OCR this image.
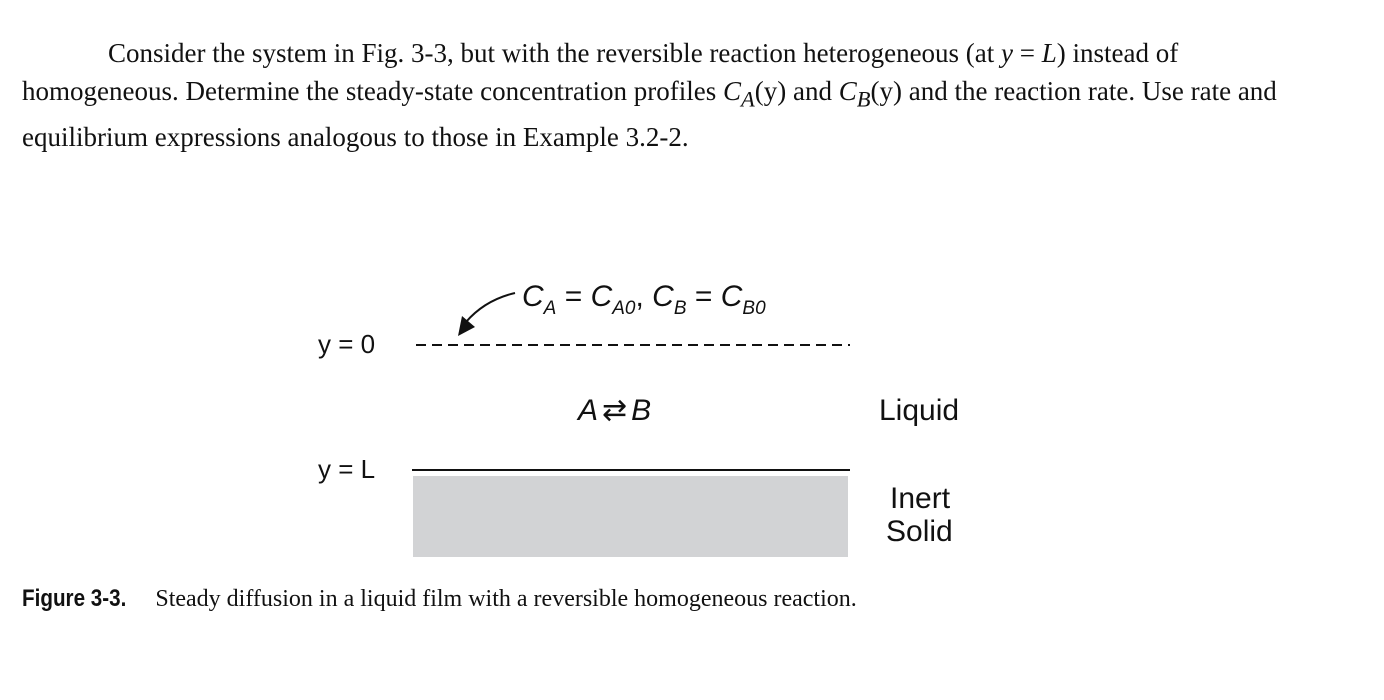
Consider the system in Fig. 3-3, but with the reversible reaction heterogeneous (at y = L) instead of homogeneous. Determine the steady-state concentration profiles $C_A(y)$ and $C_B(y)$ and the reaction rate. Use rate and equilibrium expressions analogous to those in Example 3.2-2.

y = 0
$C_A = C_{A0}$, $C_B = C_{B0}$
A ⇄ B	Liquid
y = L
Inert
Solid
Figure 3-3. Steady diffusion in a liquid film with a reversible homogeneous reaction.
